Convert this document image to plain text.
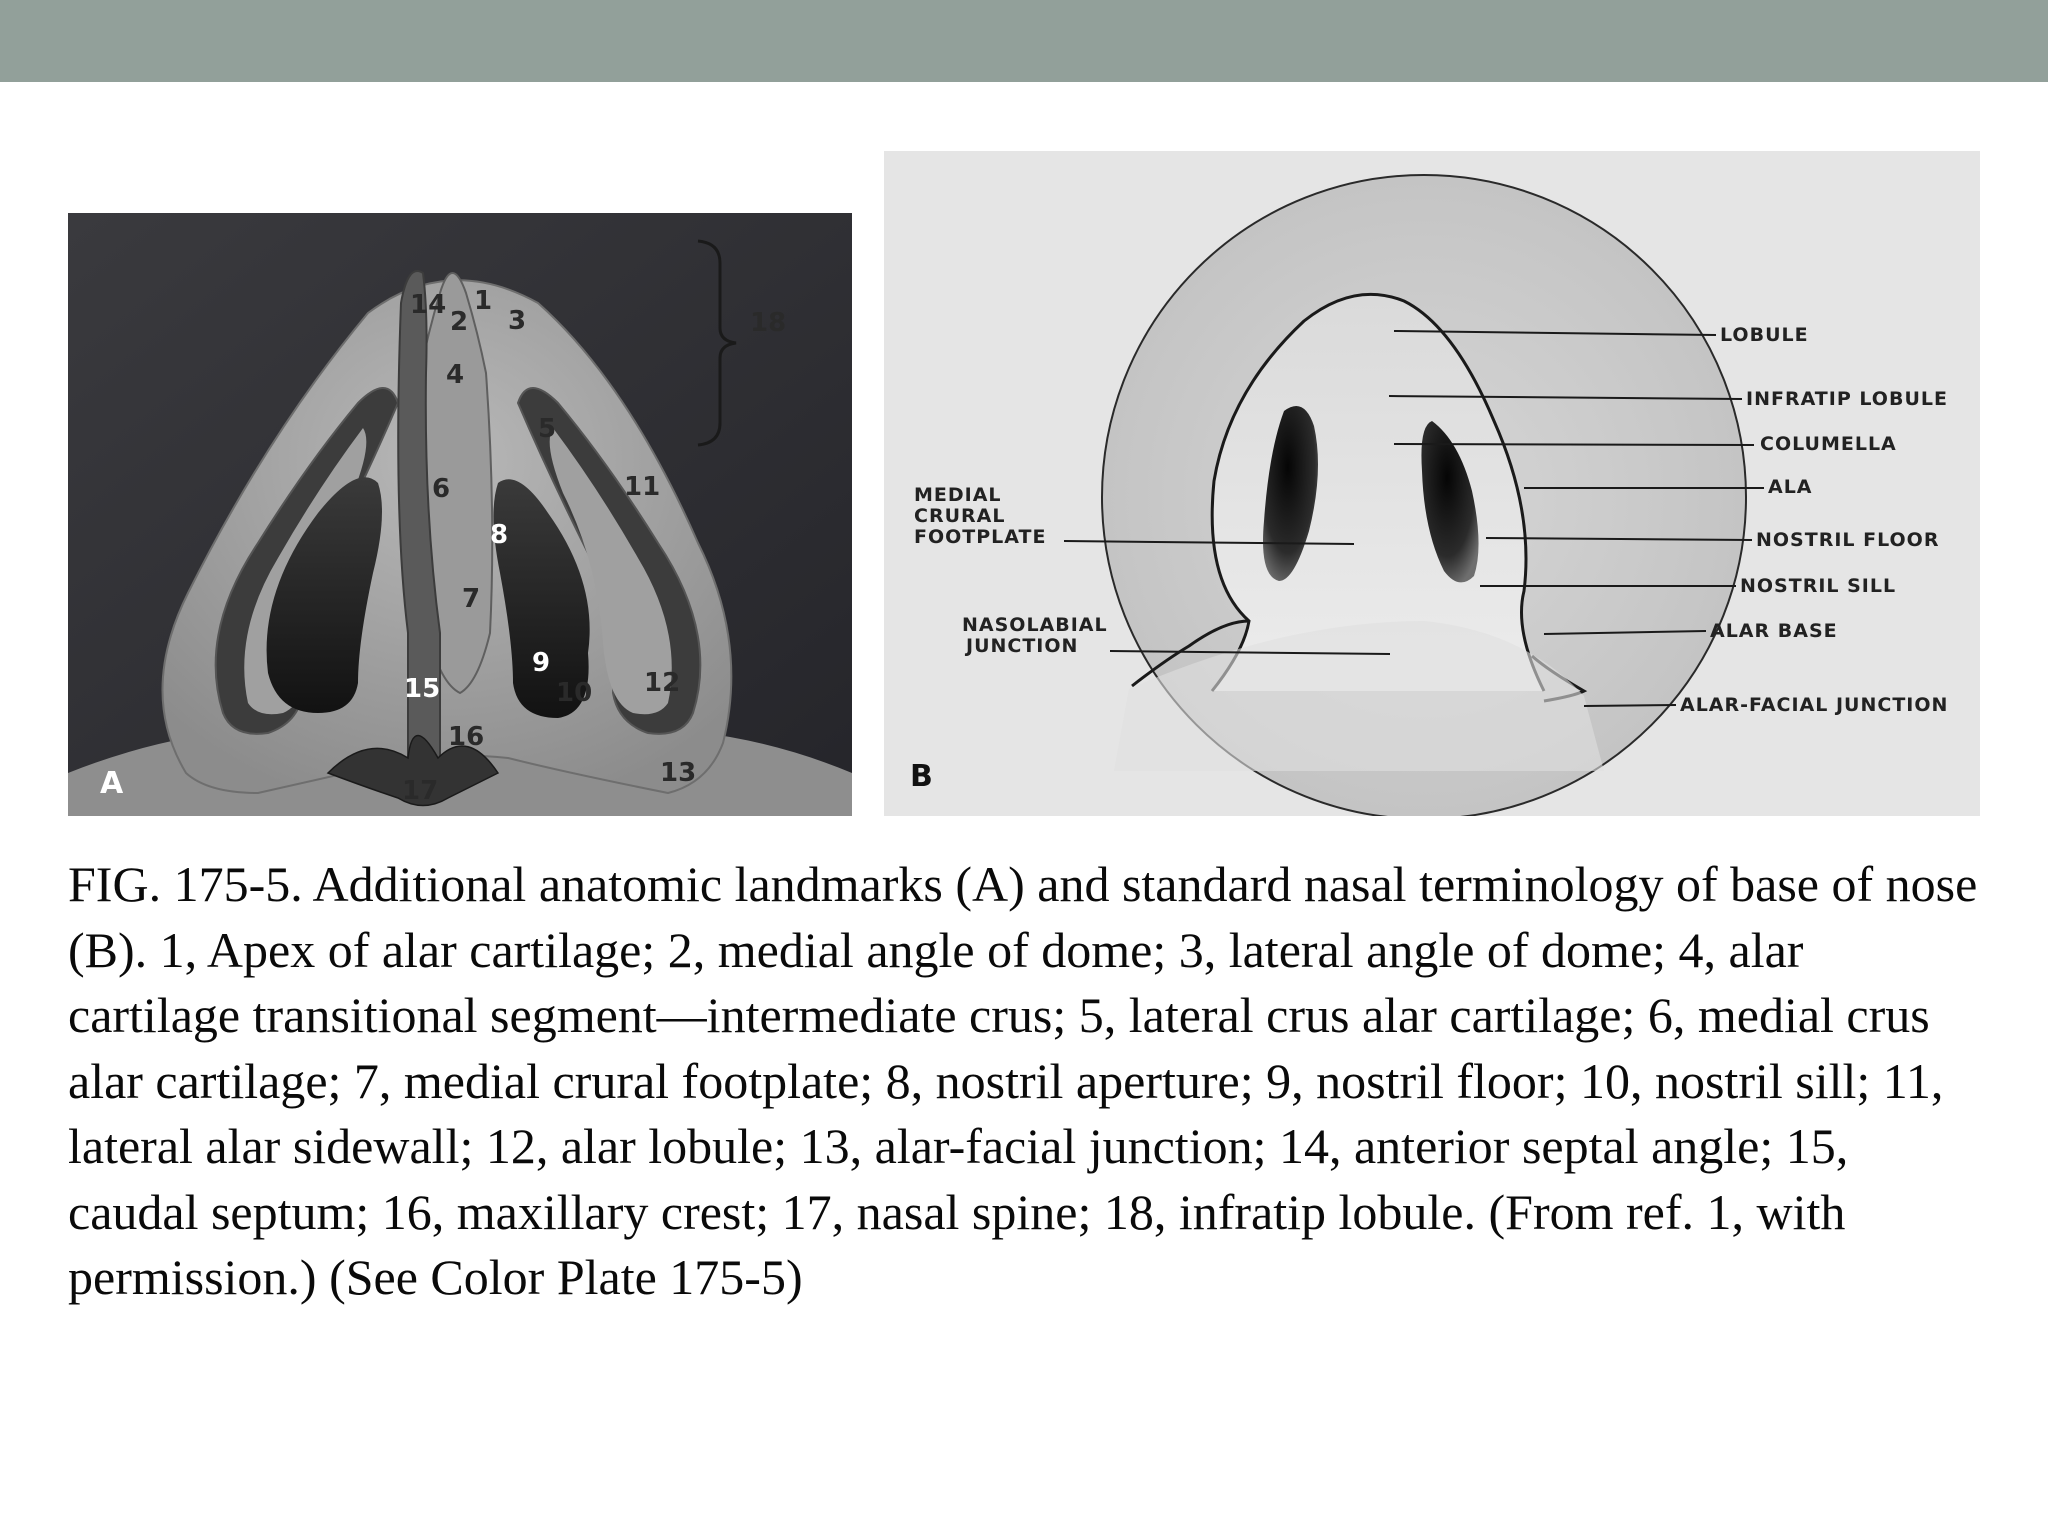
14
2
1
3
4
5
6
8
11
7
9
10 12
15
16
17
13
18
A
LOBULE
INFRATIP LOBULE
COLUMELLA
ALA
NOSTRIL FLOOR
NOSTRIL SILL
ALAR BASE
ALAR-FACIAL JUNCTION
MEDIAL
CRURAL
FOOTPLATE
NASOLABIAL
JUNCTION
B

FIG. 175-5. Additional anatomic landmarks (A) and standard nasal terminology of base of nose (B). 1, Apex of alar cartilage; 2, medial angle of dome; 3, lateral angle of dome; 4, alar cartilage transitional segment—intermediate crus; 5, lateral crus alar cartilage; 6, medial crus alar cartilage; 7, medial crural footplate; 8, nostril aperture; 9, nostril floor; 10, nostril sill; 11, lateral alar sidewall; 12, alar lobule; 13, alar-facial junction; 14, anterior septal angle; 15, caudal septum; 16, maxillary crest; 17, nasal spine; 18, infratip lobule. (From ref. 1, with permission.) (See Color Plate 175-5)
